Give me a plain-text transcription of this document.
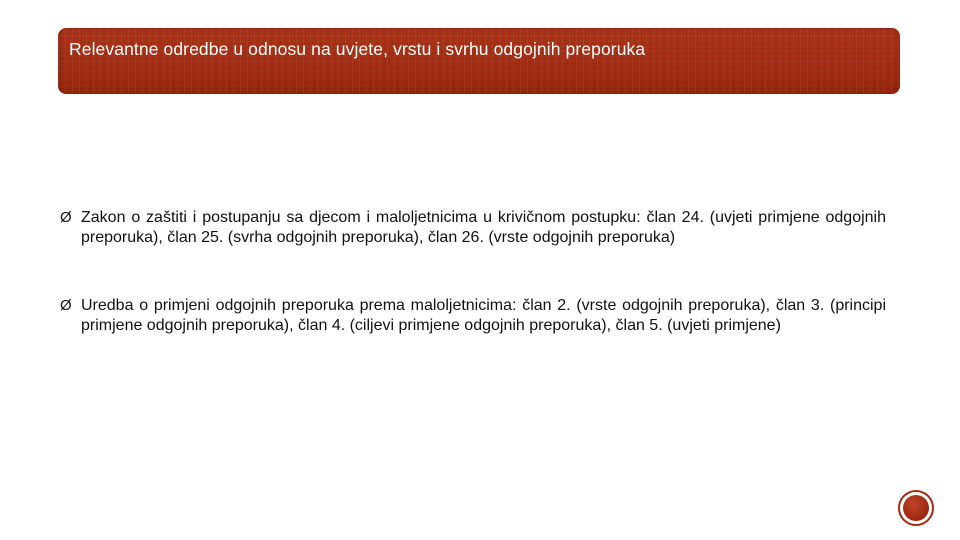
Relevantne odredbe u odnosu na uvjete, vrstu i svrhu odgojnih preporuka
Ø Zakon o zaštiti i postupanju sa djecom i maloljetnicima u krivičnom postupku: član 24. (uvjeti primjene odgojnih preporuka), član 25. (svrha odgojnih preporuka), član 26. (vrste odgojnih preporuka)
Ø Uredba o primjeni odgojnih preporuka prema maloljetnicima: član 2. (vrste odgojnih preporuka), član 3. (principi primjene odgojnih preporuka), član 4. (ciljevi primjene odgojnih preporuka), član 5. (uvjeti primjene)
